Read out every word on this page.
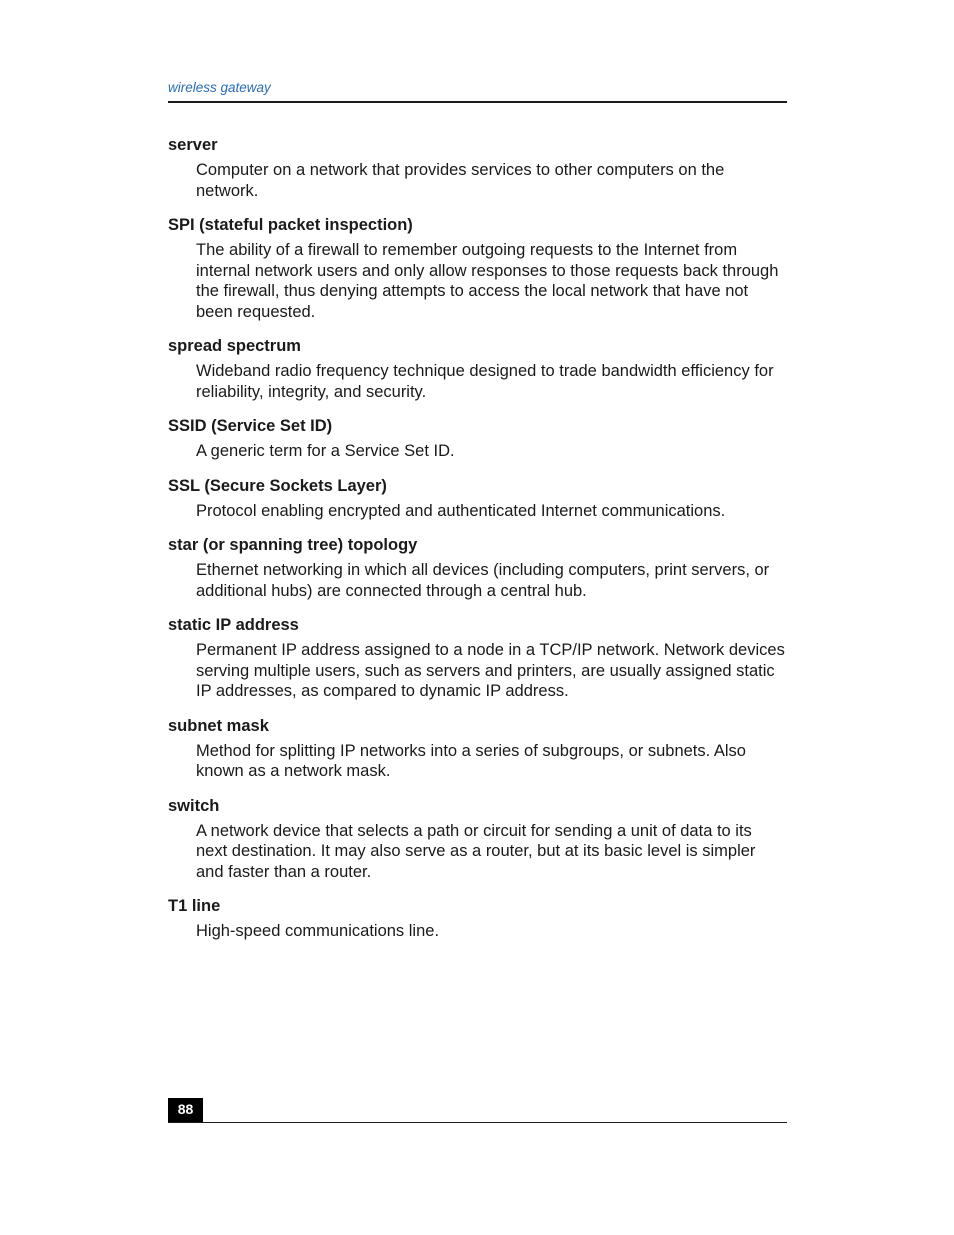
wireless gateway

server

Computer on a network that provides services to other computers on the network.

SPI (stateful packet inspection)

The ability of a firewall to remember outgoing requests to the Internet from internal network users and only allow responses to those requests back through the firewall, thus denying attempts to access the local network that have not been requested.

spread spectrum

Wideband radio frequency technique designed to trade bandwidth efficiency for reliability, integrity, and security.

SSID (Service Set ID)

A generic term for a Service Set ID.

SSL (Secure Sockets Layer)

Protocol enabling encrypted and authenticated Internet communications.

star (or spanning tree) topology

Ethernet networking in which all devices (including computers, print servers, or additional hubs) are connected through a central hub.

static IP address

Permanent IP address assigned to a node in a TCP/IP network. Network devices serving multiple users, such as servers and printers, are usually assigned static IP addresses, as compared to dynamic IP address.

subnet mask

Method for splitting IP networks into a series of subgroups, or subnets. Also known as a network mask.

switch

A network device that selects a path or circuit for sending a unit of data to its next destination. It may also serve as a router, but at its basic level is simpler and faster than a router.

T1 line

High-speed communications line.

88
